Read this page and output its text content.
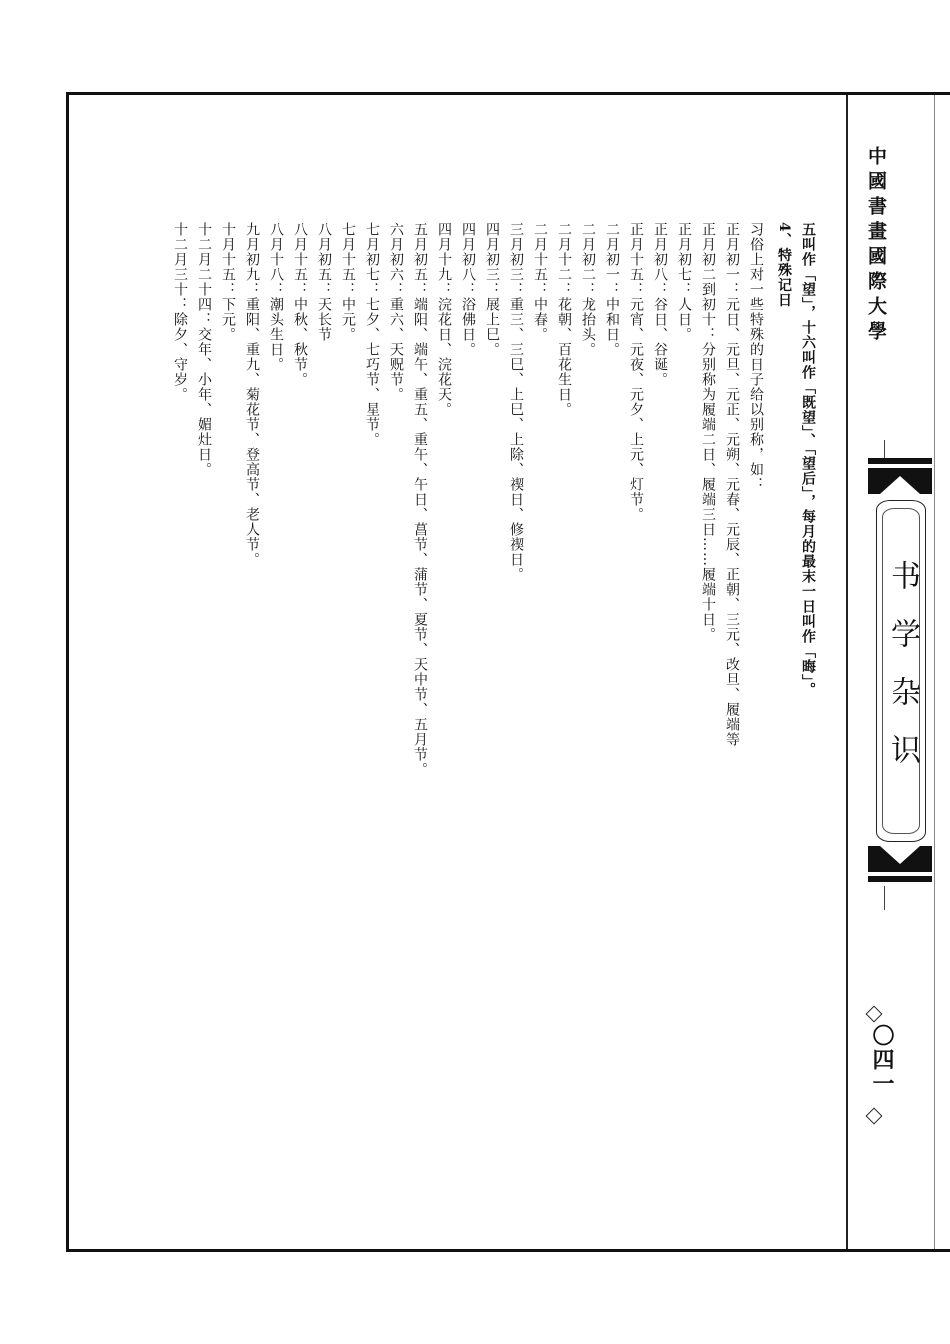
五叫作「望」，十六叫作「既望」、「望后」，每月的最末一日叫作「晦」。
4、特殊记日
习俗上对一些特殊的日子给以别称，如：
正月初一：元日、元旦、元正、元朔、元春、元辰、正朝、三元、改旦、履端等
正月初二到初十：分别称为履端二日、履端三日……履端十日。
正月初七：人日。
正月初八：谷日、谷诞。
正月十五：元宵、元夜、元夕、上元、灯节。
二月初一：中和日。
二月初二：龙抬头。
二月十二：花朝、百花生日。
二月十五：中春。
三月初三：重三、三巳、上巳、上除、禊日、修禊日。
四月初三：展上巳。
四月初八：浴佛日。
四月十九：浣花日、浣花天。
五月初五：端阳、端午、重五、重午、午日、菖节、蒲节、夏节、天中节、五月节。
六月初六：重六、天贶节。
七月初七：七夕、七巧节、星节。
七月十五：中元。
八月初五：天长节
八月十五：中秋、秋节。
八月十八：潮头生日。
九月初九：重阳、重九、菊花节、登高节、老人节。
十月十五：下元。
十二月二十四：交年、小年、媚灶日。
十二月三十：除夕、守岁。	中國書畫國際大學
书学杂识
〇四一
